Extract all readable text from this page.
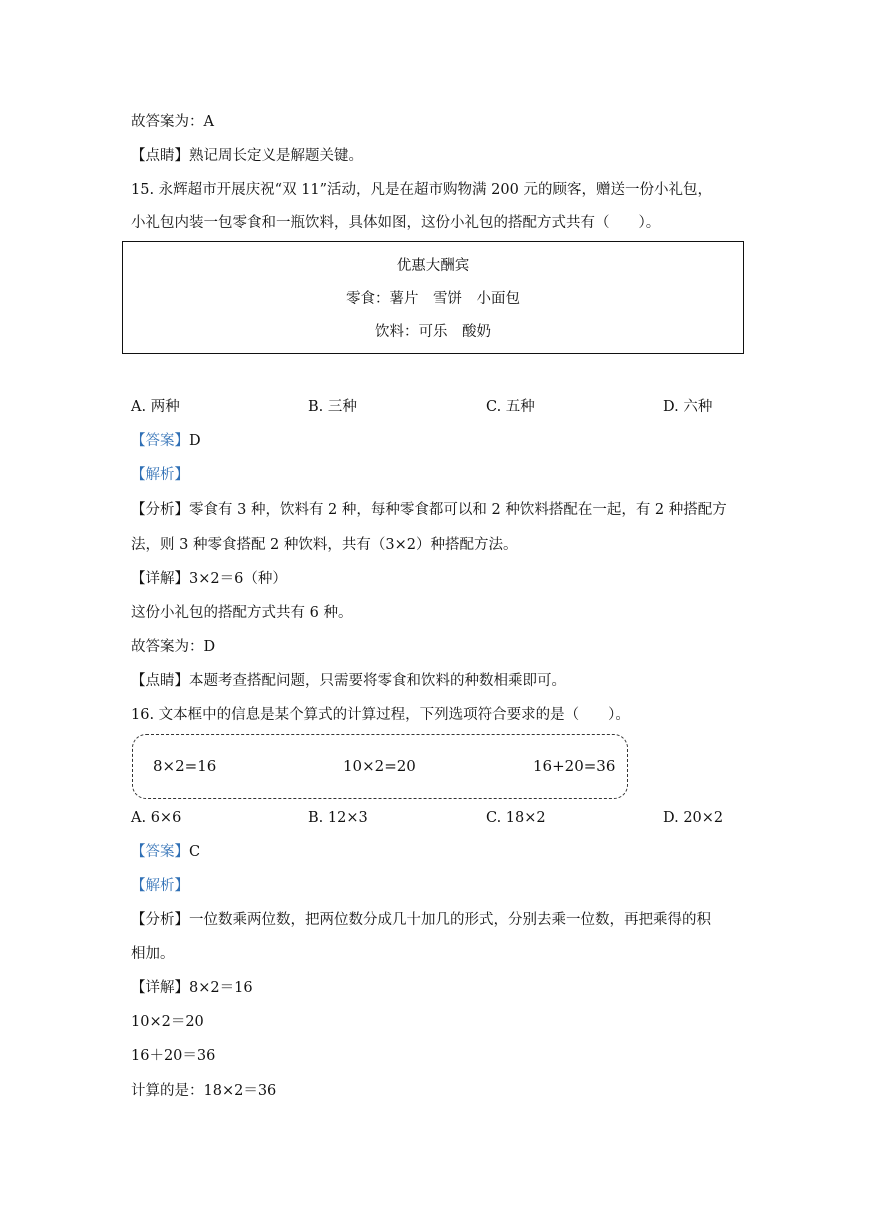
故答案为：A
【点睛】熟记周长定义是解题关键。
15. 永辉超市开展庆祝“双 11”活动，凡是在超市购物满 200 元的顾客，赠送一份小礼包，
小礼包内装一包零食和一瓶饮料，具体如图，这份小礼包的搭配方式共有（　　）。
优惠大酬宾
零食：薯片　雪饼　小面包
饮料：可乐　酸奶
A. 两种	B. 三种	C. 五种	D. 六种
【答案】D
【解析】
【分析】零食有 3 种，饮料有 2 种，每种零食都可以和 2 种饮料搭配在一起，有 2 种搭配方
法，则 3 种零食搭配 2 种饮料，共有（3×2）种搭配方法。
【详解】3×2＝6（种）
这份小礼包的搭配方式共有 6 种。
故答案为：D
【点睛】本题考查搭配问题，只需要将零食和饮料的种数相乘即可。
16. 文本框中的信息是某个算式的计算过程，下列选项符合要求的是（　　）。
8×2=16	10×2=20	16+20=36
A. 6×6	B. 12×3	C. 18×2	D. 20×2
【答案】C
【解析】
【分析】一位数乘两位数，把两位数分成几十加几的形式，分别去乘一位数，再把乘得的积
相加。
【详解】8×2＝16
10×2＝20
16＋20＝36
计算的是：18×2＝36
